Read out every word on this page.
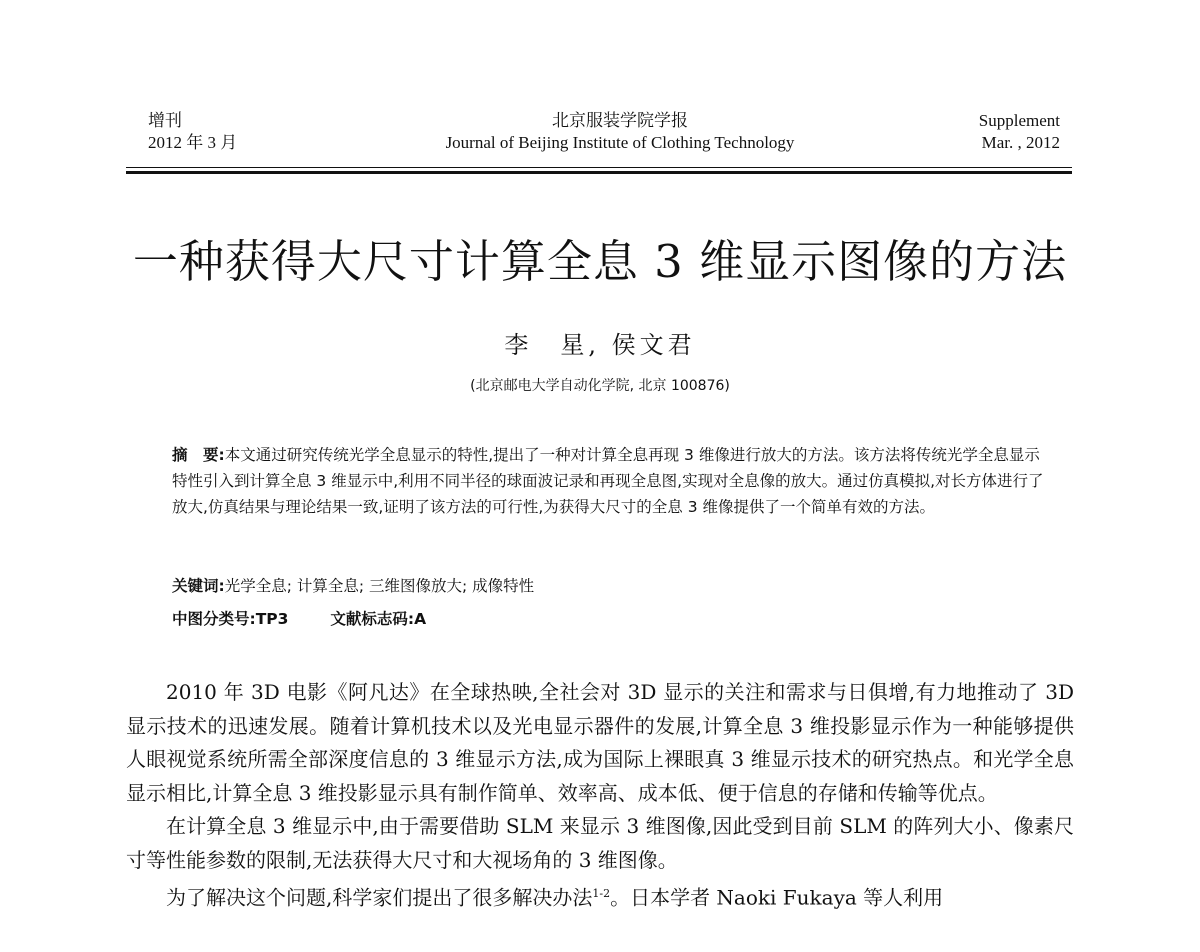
增刊
2012 年 3 月
北京服装学院学报
Journal of Beijing Institute of Clothing Technology
Supplement
Mar. , 2012
一种获得大尺寸计算全息 3 维显示图像的方法
李　星, 侯文君
(北京邮电大学自动化学院, 北京 100876)

摘　要:本文通过研究传统光学全息显示的特性,提出了一种对计算全息再现 3 维像进行放大的方法。该方法将传统光学全息显示特性引入到计算全息 3 维显示中,利用不同半径的球面波记录和再现全息图,实现对全息像的放大。通过仿真模拟,对长方体进行了放大,仿真结果与理论结果一致,证明了该方法的可行性,为获得大尺寸的全息 3 维像提供了一个简单有效的方法。

关键词:光学全息; 计算全息; 三维图像放大; 成像特性
中图分类号:TP3	文献标志码:A

2010 年 3D 电影《阿凡达》在全球热映,全社会对 3D 显示的关注和需求与日俱增,有力地推动了 3D 显示技术的迅速发展。随着计算机技术以及光电显示器件的发展,计算全息 3 维投影显示作为一种能够提供人眼视觉系统所需全部深度信息的 3 维显示方法,成为国际上裸眼真 3 维显示技术的研究热点。和光学全息显示相比,计算全息 3 维投影显示具有制作简单、效率高、成本低、便于信息的存储和传输等优点。

在计算全息 3 维显示中,由于需要借助 SLM 来显示 3 维图像,因此受到目前 SLM 的阵列大小、像素尺寸等性能参数的限制,无法获得大尺寸和大视场角的 3 维图像。

为了解决这个问题,科学家们提出了很多解决办法$^{1-2}$。日本学者 Naoki Fukaya 等人利用
